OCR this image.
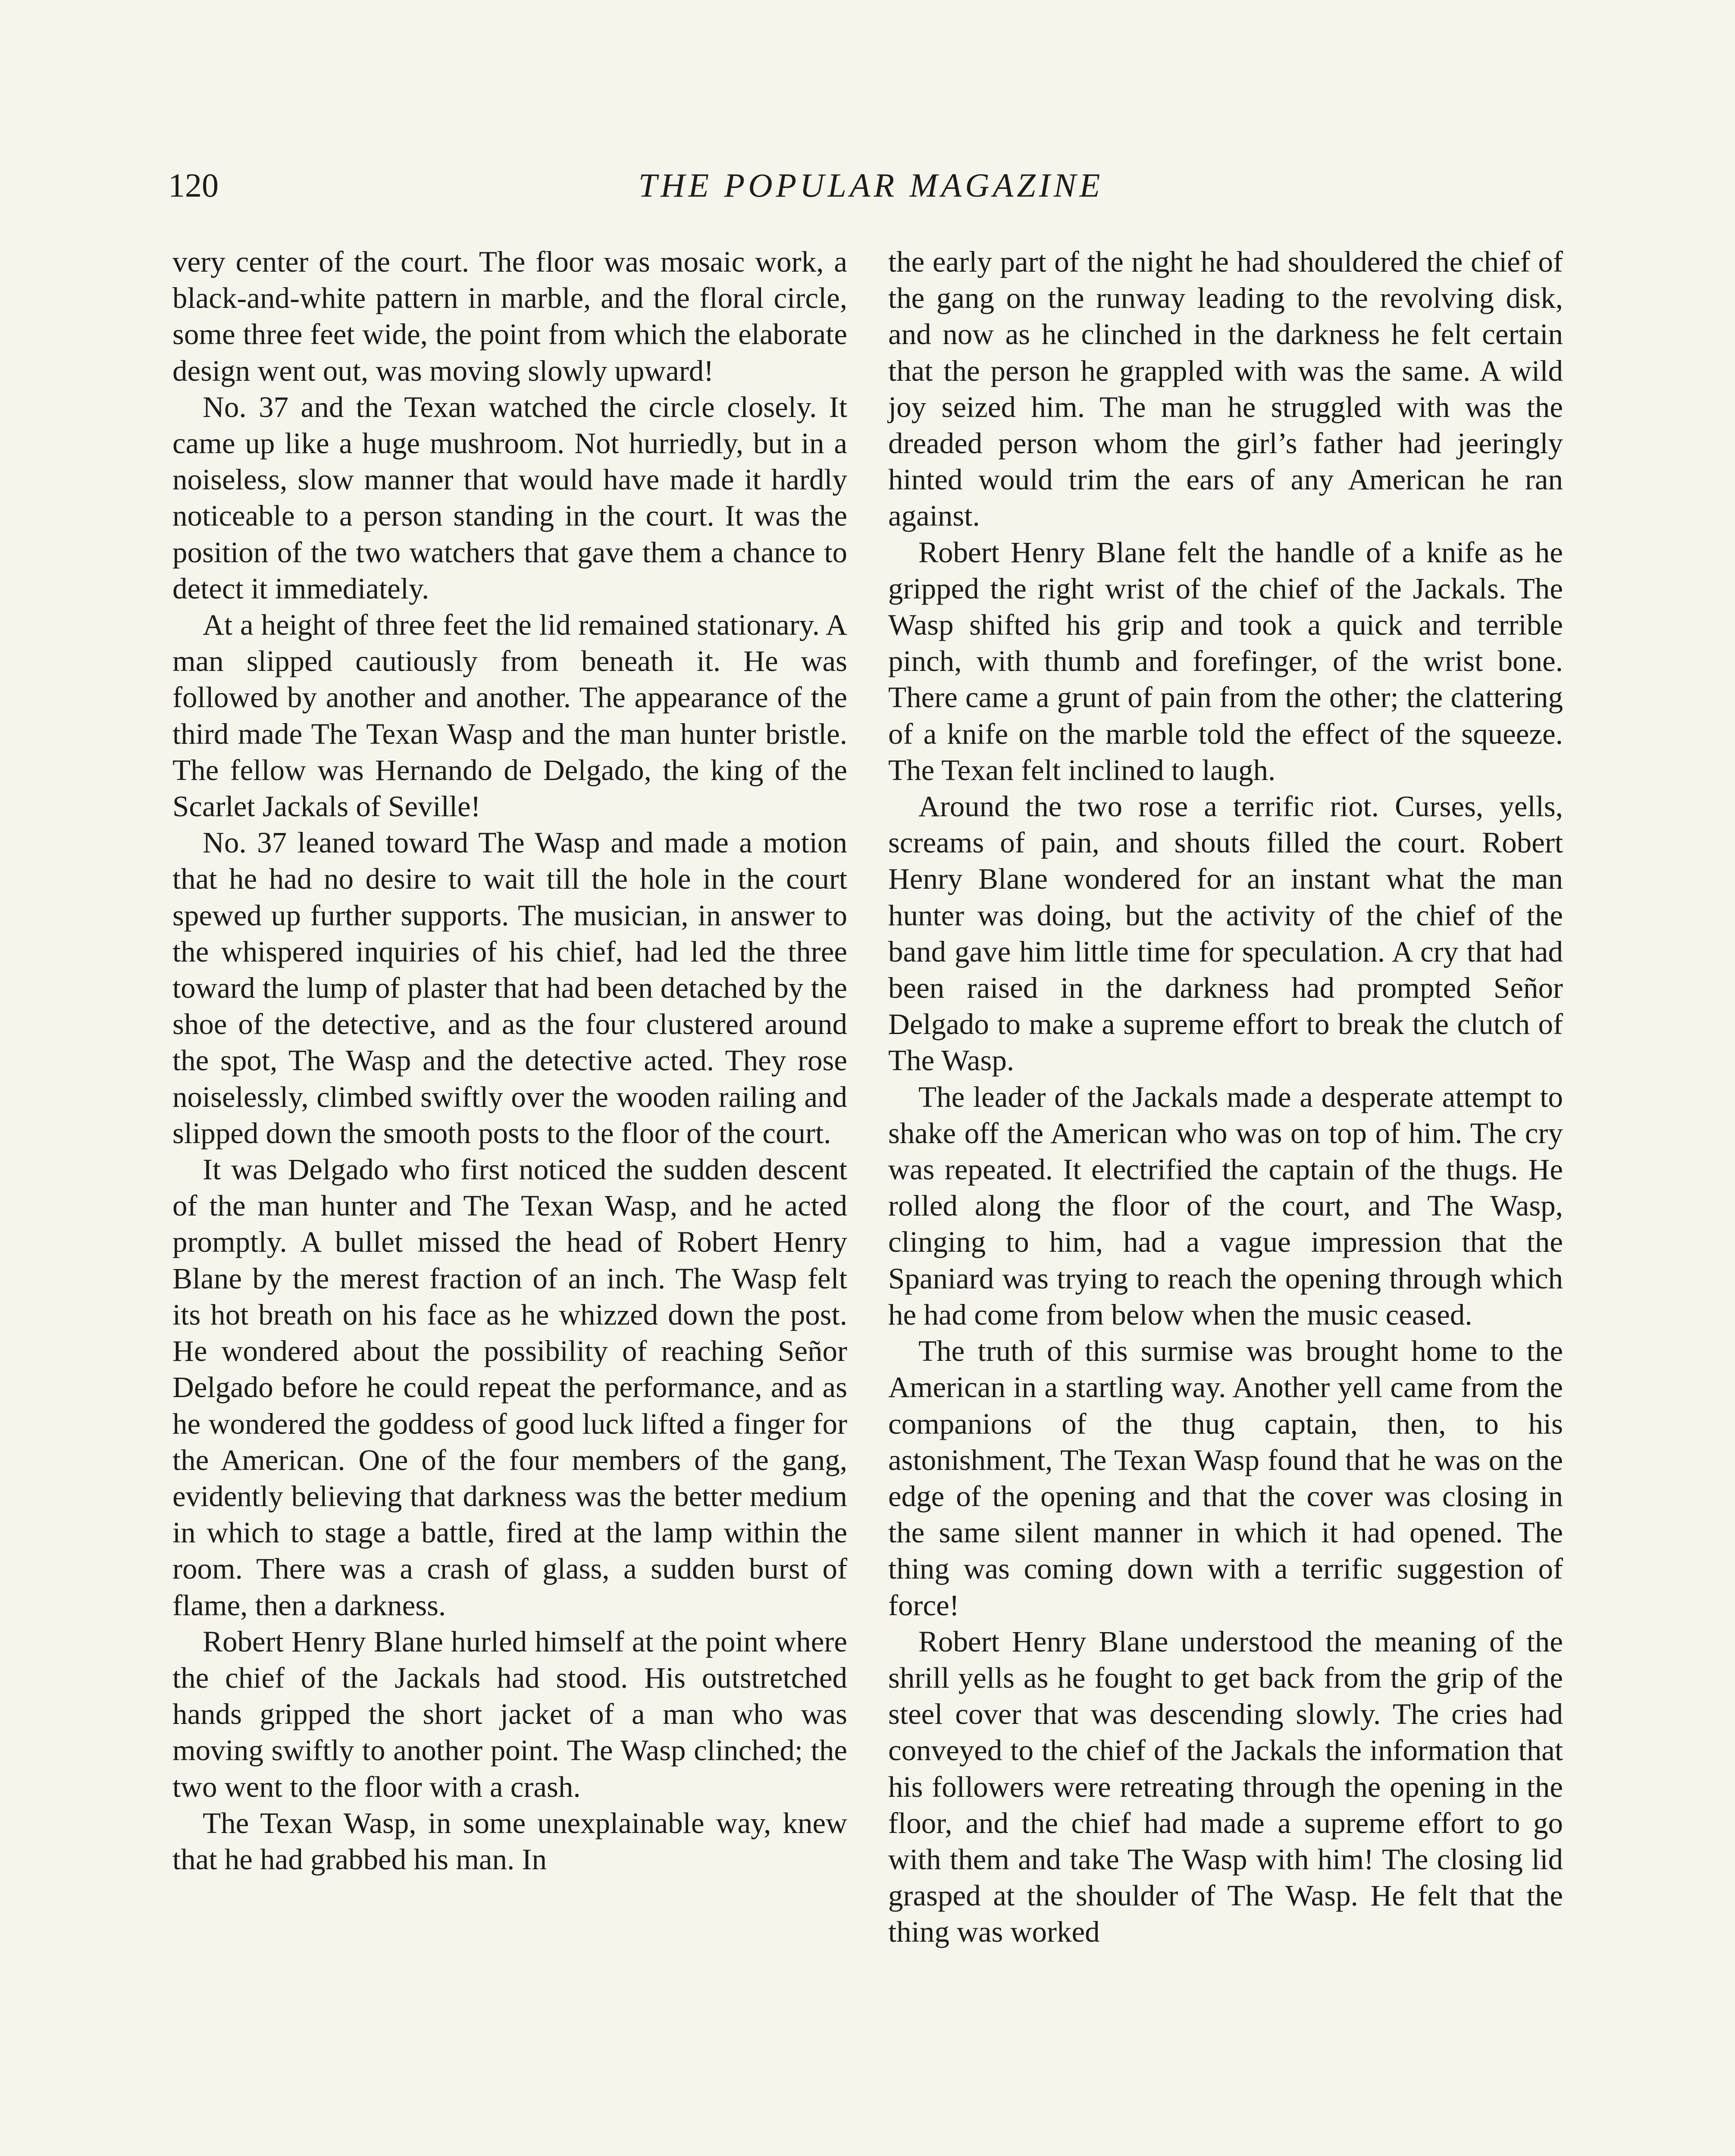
120	THE POPULAR MAGAZINE

very center of the court. The floor was mosaic work, a black-and-white pattern in marble, and the floral circle, some three feet wide, the point from which the elaborate design went out, was moving slowly upward!

No. 37 and the Texan watched the circle closely. It came up like a huge mushroom. Not hurriedly, but in a noiseless, slow manner that would have made it hardly noticeable to a person standing in the court. It was the position of the two watchers that gave them a chance to detect it immediately.

At a height of three feet the lid remained stationary. A man slipped cautiously from beneath it. He was followed by another and another. The appearance of the third made The Texan Wasp and the man hunter bristle. The fellow was Hernando de Delgado, the king of the Scarlet Jackals of Seville!

No. 37 leaned toward The Wasp and made a motion that he had no desire to wait till the hole in the court spewed up further supports. The musician, in answer to the whispered inquiries of his chief, had led the three toward the lump of plaster that had been detached by the shoe of the detective, and as the four clustered around the spot, The Wasp and the detective acted. They rose noiselessly, climbed swiftly over the wooden railing and slipped down the smooth posts to the floor of the court.

It was Delgado who first noticed the sudden descent of the man hunter and The Texan Wasp, and he acted promptly. A bullet missed the head of Robert Henry Blane by the merest fraction of an inch. The Wasp felt its hot breath on his face as he whizzed down the post. He wondered about the possibility of reaching Señor Delgado before he could repeat the performance, and as he wondered the goddess of good luck lifted a finger for the American. One of the four members of the gang, evidently believing that darkness was the better medium in which to stage a battle, fired at the lamp within the room. There was a crash of glass, a sudden burst of flame, then a darkness.

Robert Henry Blane hurled himself at the point where the chief of the Jackals had stood. His outstretched hands gripped the short jacket of a man who was moving swiftly to another point. The Wasp clinched; the two went to the floor with a crash.

The Texan Wasp, in some unexplainable way, knew that he had grabbed his man. In

the early part of the night he had shouldered the chief of the gang on the runway leading to the revolving disk, and now as he clinched in the darkness he felt certain that the person he grappled with was the same. A wild joy seized him. The man he struggled with was the dreaded person whom the girl’s father had jeeringly hinted would trim the ears of any American he ran against.

Robert Henry Blane felt the handle of a knife as he gripped the right wrist of the chief of the Jackals. The Wasp shifted his grip and took a quick and terrible pinch, with thumb and forefinger, of the wrist bone. There came a grunt of pain from the other; the clattering of a knife on the marble told the effect of the squeeze. The Texan felt inclined to laugh.

Around the two rose a terrific riot. Curses, yells, screams of pain, and shouts filled the court. Robert Henry Blane wondered for an instant what the man hunter was doing, but the activity of the chief of the band gave him little time for speculation. A cry that had been raised in the darkness had prompted Señor Delgado to make a supreme effort to break the clutch of The Wasp.

The leader of the Jackals made a desperate attempt to shake off the American who was on top of him. The cry was repeated. It electrified the captain of the thugs. He rolled along the floor of the court, and The Wasp, clinging to him, had a vague impression that the Spaniard was trying to reach the opening through which he had come from below when the music ceased.

The truth of this surmise was brought home to the American in a startling way. Another yell came from the companions of the thug captain, then, to his astonishment, The Texan Wasp found that he was on the edge of the opening and that the cover was closing in the same silent manner in which it had opened. The thing was coming down with a terrific suggestion of force!

Robert Henry Blane understood the meaning of the shrill yells as he fought to get back from the grip of the steel cover that was descending slowly. The cries had conveyed to the chief of the Jackals the information that his followers were retreating through the opening in the floor, and the chief had made a supreme effort to go with them and take The Wasp with him! The closing lid grasped at the shoulder of The Wasp. He felt that the thing was worked
